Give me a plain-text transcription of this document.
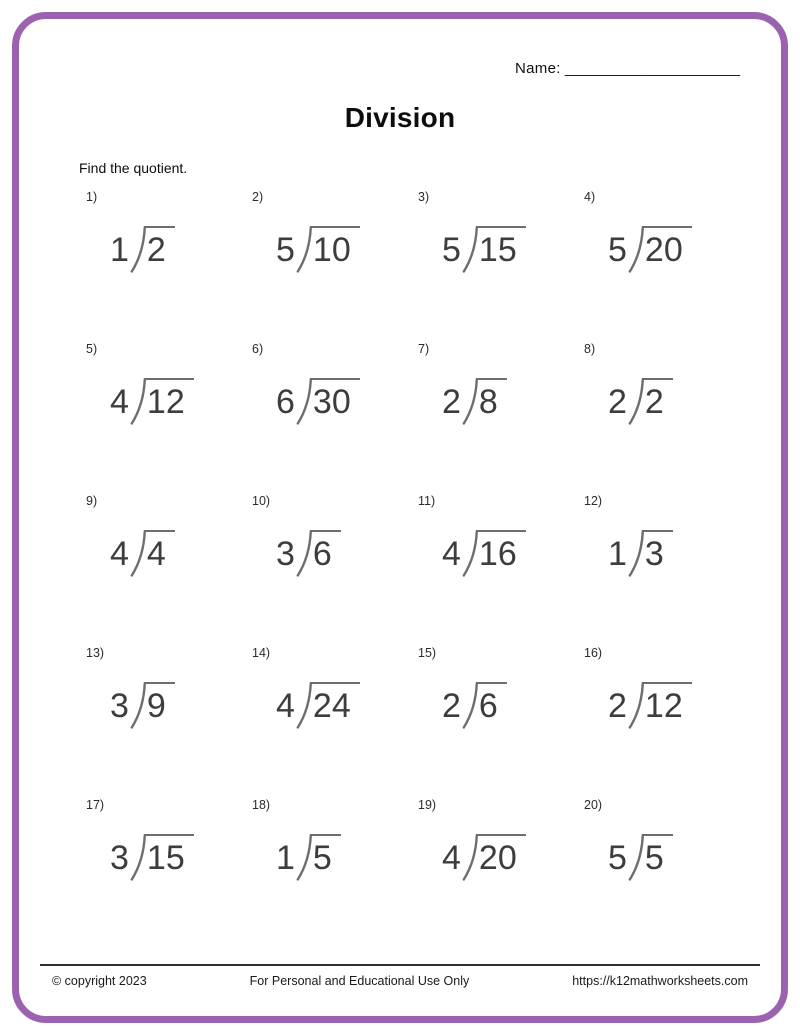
Name: _____________________
Division
Find the quotient.
1)
1 2
2)
5 10
3)
5 15
4)
5 20
5)
4 12
6)
6 30
7)
2 8
8)
2 2
9)
4 4
10)
3 6
11)
4 16
12)
1 3
13)
3 9
14)
4 24
15)
2 6
16)
2 12
17)
3 15
18)
1 5
19)
4 20
20)
5 5
© copyright 2023	For Personal and Educational Use Only	https://k12mathworksheets.com
